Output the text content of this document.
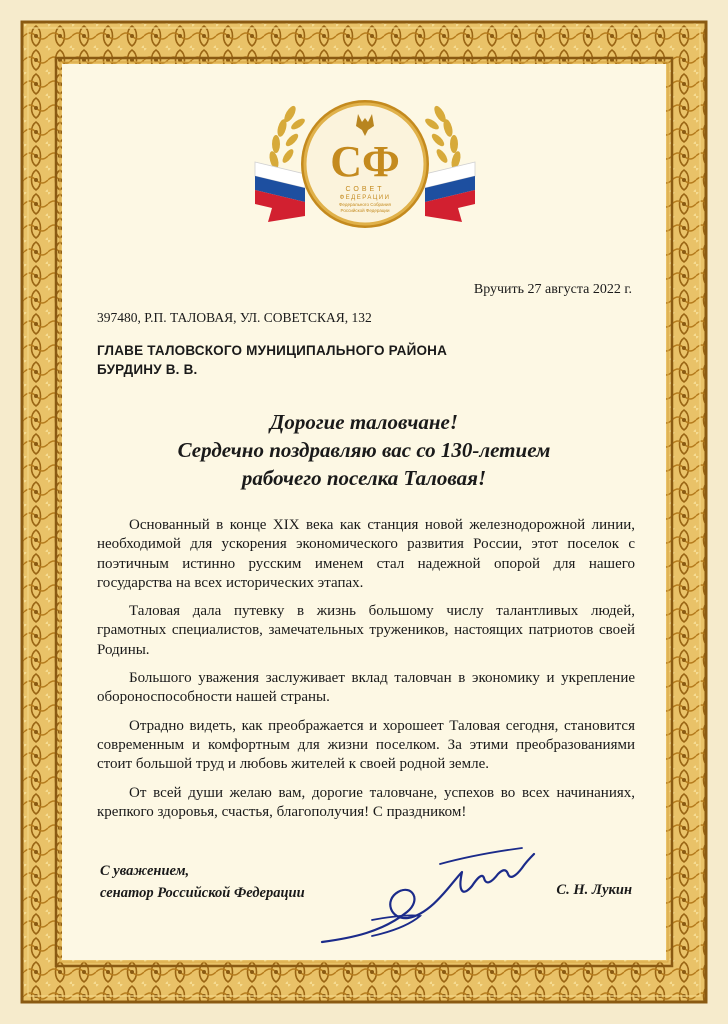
СФ
СОВЕТ
ФЕДЕРАЦИИ
Федерального Собрания
Российской Федерации
Вручить 27 августа 2022 г.
397480, Р.П. ТАЛОВАЯ, УЛ. СОВЕТСКАЯ, 132
ГЛАВЕ ТАЛОВСКОГО МУНИЦИПАЛЬНОГО РАЙОНА
БУРДИНУ В. В.
Дорогие таловчане!
Сердечно поздравляю вас со 130-летием
рабочего поселка Таловая!

Основанный в конце XIX века как станция новой железнодорожной линии, необходимой для ускорения экономического развития России, этот поселок с поэтичным истинно русским именем стал надежной опорой для нашего государства на всех исторических этапах.

Таловая дала путевку в жизнь большому числу талантливых людей, грамотных специалистов, замечательных тружеников, настоящих патриотов своей Родины.

Большого уважения заслуживает вклад таловчан в экономику и укрепление обороноспособности нашей страны.

Отрадно видеть, как преображается и хорошеет Таловая сегодня, становится современным и комфортным для жизни поселком. За этими преобразованиями стоит большой труд и любовь жителей к своей родной земле.

От всей души желаю вам, дорогие таловчане, успехов во всех начинаниях, крепкого здоровья, счастья, благополучия! С праздником!

С уважением,
сенатор Российской Федерации	С. Н. Лукин
